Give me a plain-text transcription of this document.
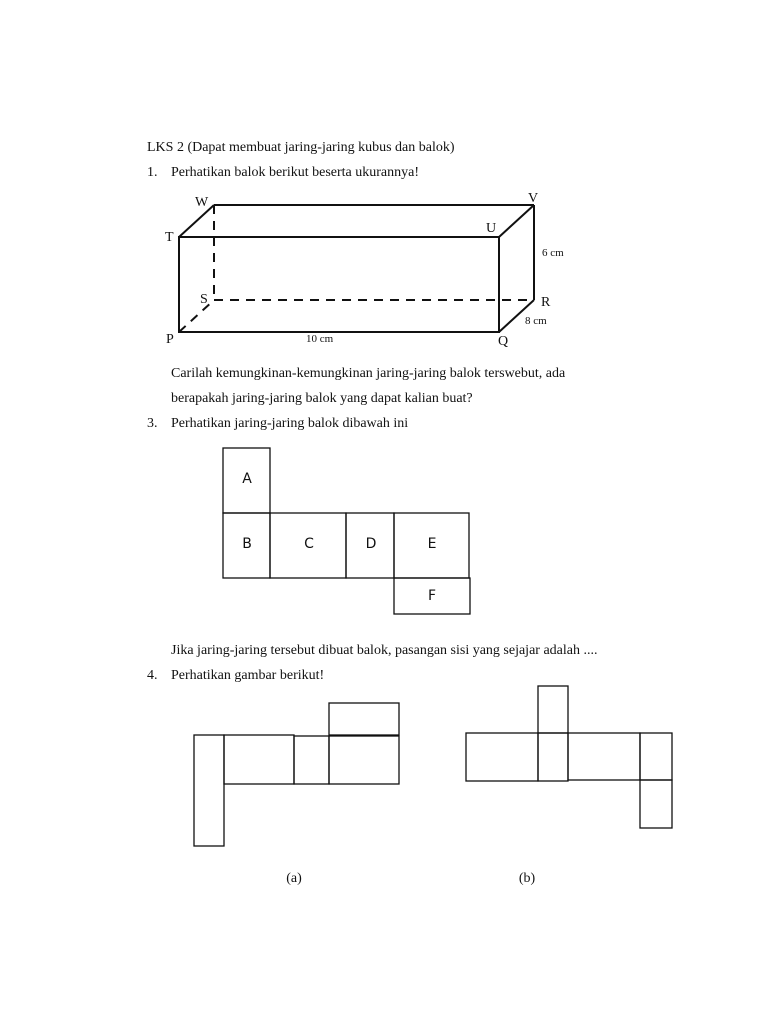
LKS 2 (Dapat membuat jaring-jaring kubus dan balok)
1. Perhatikan balok berikut beserta ukurannya!
W	V
T
U
S	R
P	Q
6 cm
8 cm
10 cm
Carilah kemungkinan-kemungkinan jaring-jaring balok terswebut, ada
berapakah jaring-jaring balok yang dapat kalian buat?
3. Perhatikan jaring-jaring balok dibawah ini
A
B	C	D	E
F
Jika jaring-jaring tersebut dibuat balok, pasangan sisi yang sejajar adalah ....
4. Perhatikan gambar berikut!
(a)	(b)
